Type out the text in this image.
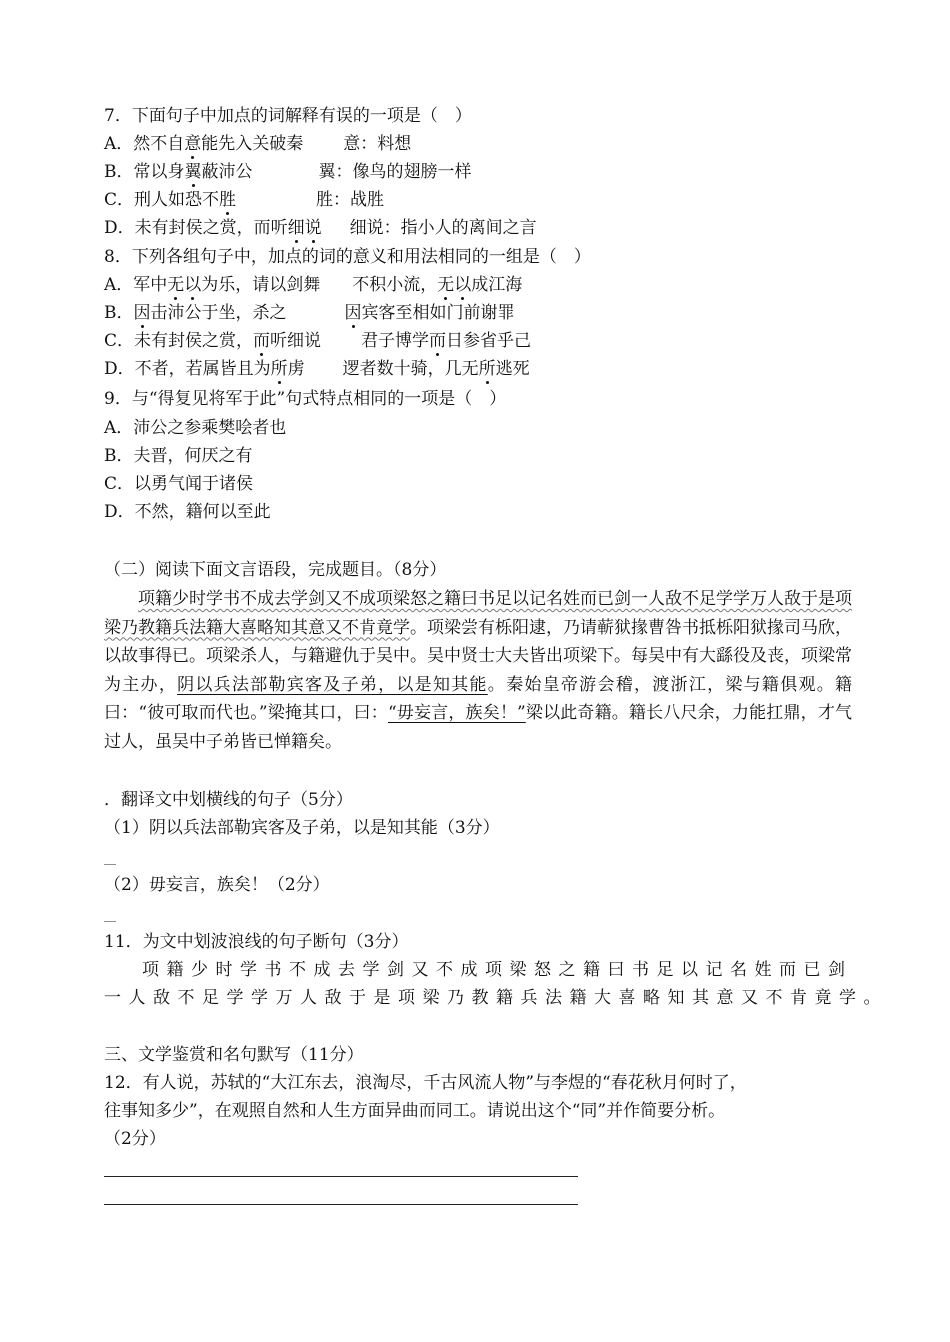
7．下面句子中加点的词解释有误的一项是（　）
A．然不自意能先入关破秦 意：料想
B．常以身翼蔽沛公	翼：像鸟的翅膀一样
C．刑人如恐不胜	胜：战胜
D．未有封侯之赏，而听细说 细说：指小人的离间之言
8．下列各组句子中，加点的词的意义和用法相同的一组是（　）
A．军中无以为乐，请以剑舞 不积小流，无以成江海
B．因击沛公于坐，杀之	因宾客至相如门前谢罪
C．未有封侯之赏，而听细说 君子博学而日参省乎己
D．不者，若属皆且为所虏 逻者数十骑，几无所逃死
9．与“得复见将军于此”句式特点相同的一项是（　）
A．沛公之参乘樊哙者也
B．夫晋，何厌之有
C．以勇气闻于诸侯
D．不然，籍何以至此
（二）阅读下面文言语段，完成题目。（8分）
项籍少时学书不成去学剑又不成项梁怒之籍曰书足以记名姓而已剑一人敌不足学学万人敌于是项梁乃教籍兵法籍大喜略知其意又不肯竟学。项梁尝有栎阳逮，乃请蕲狱掾曹咎书抵栎阳狱掾司马欣，以故事得已。项梁杀人，与籍避仇于吴中。吴中贤士大夫皆出项梁下。每吴中有大繇役及丧，项梁常为主办，阴以兵法部勒宾客及子弟，以是知其能。秦始皇帝游会稽，渡浙江，梁与籍俱观。籍曰：“彼可取而代也。”梁掩其口，曰：“毋妄言，族矣！”梁以此奇籍。籍长八尺余，力能扛鼎，才气过人，虽吴中子弟皆已惮籍矣。
．翻译文中划横线的句子（5分）
（1）阴以兵法部勒宾客及子弟，以是知其能（3分）
__
（2）毋妄言，族矣！（2分）
__
11．为文中划波浪线的句子断句（3分）
项籍少时学书不成去学剑又不成项梁怒之籍曰书足以记名姓而已剑
一人敌不足学学万人敌于是项梁乃教籍兵法籍大喜略知其意又不肯竟学。
三、文学鉴赏和名句默写（11分）
12．有人说，苏轼的“大江东去，浪淘尽，千古风流人物”与李煜的“春花秋月何时了，
往事知多少”，在观照自然和人生方面异曲而同工。请说出这个“同”并作简要分析。
（2分）
